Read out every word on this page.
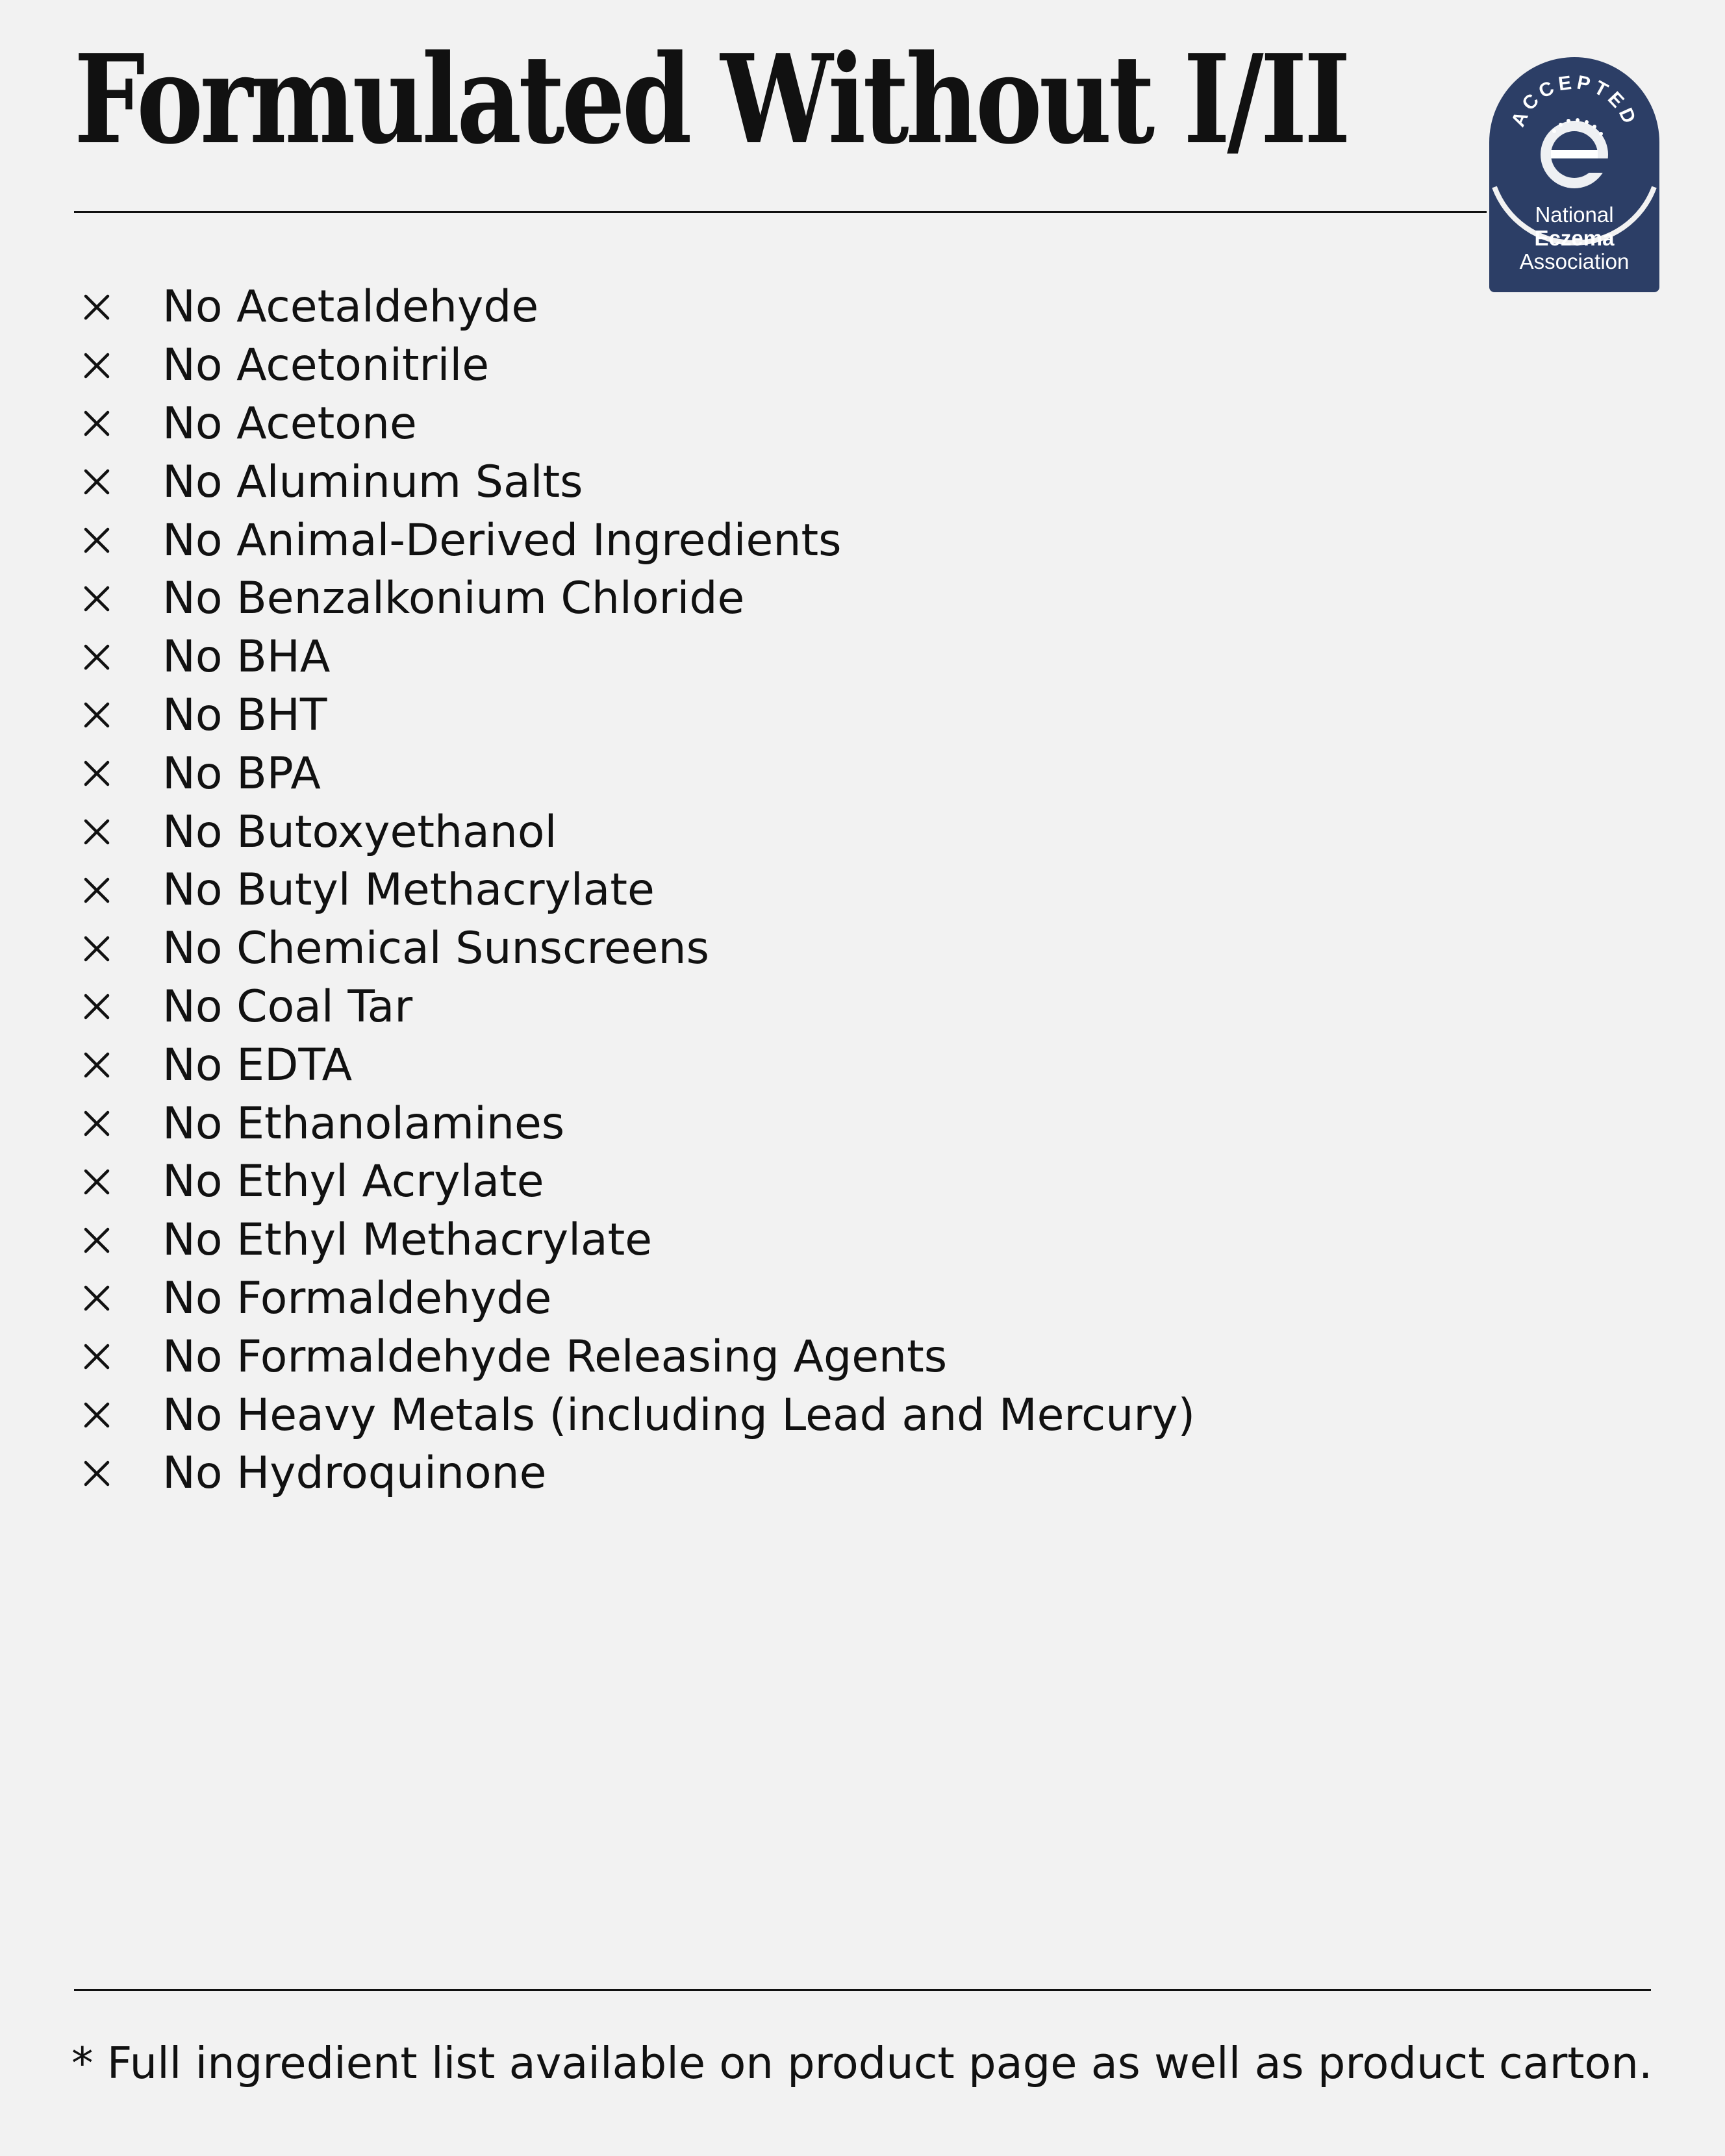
Formulated Without I/II	ACCEPTED
National
Eczema
Association
No Acetaldehyde
No Acetonitrile
No Acetone
No Aluminum Salts
No Animal-Derived Ingredients
No Benzalkonium Chloride
No BHA
No BHT
No BPA
No Butoxyethanol
No Butyl Methacrylate
No Chemical Sunscreens
No Coal Tar
No EDTA
No Ethanolamines
No Ethyl Acrylate
No Ethyl Methacrylate
No Formaldehyde
No Formaldehyde Releasing Agents
No Heavy Metals (including Lead and Mercury)
No Hydroquinone
* Full ingredient list available on product page as well as product carton.
